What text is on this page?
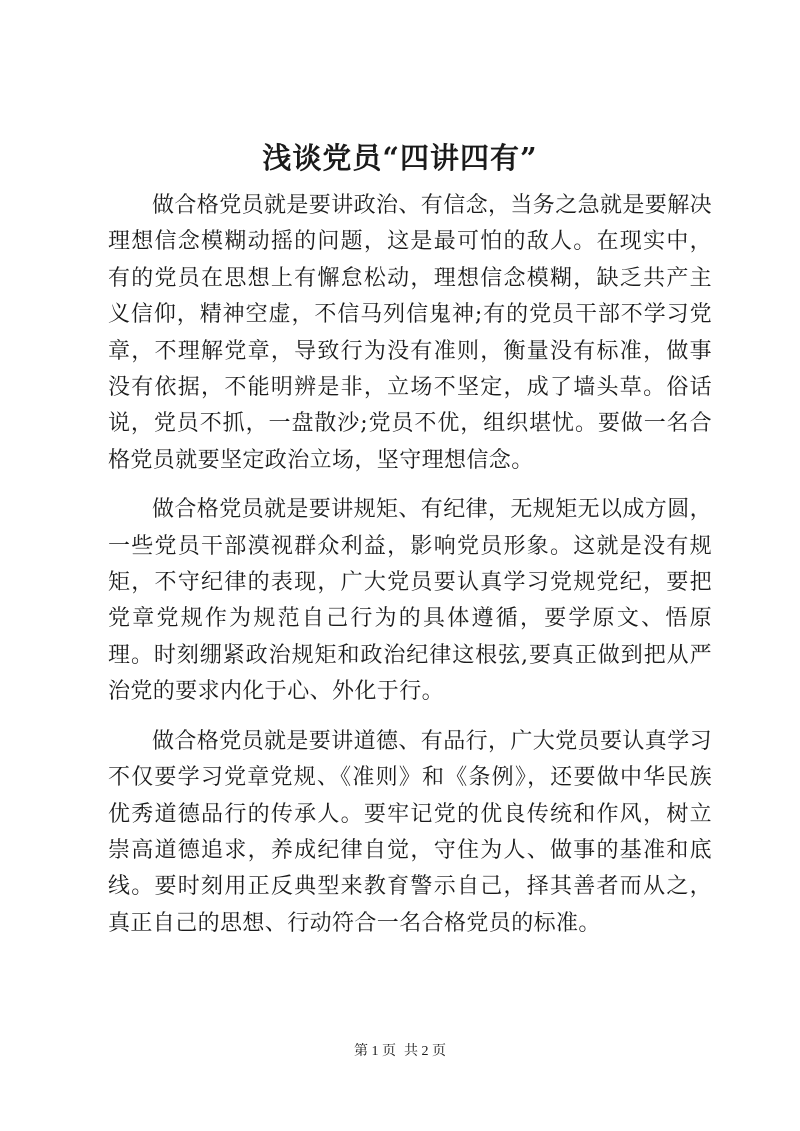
浅谈党员“四讲四有”

做合格党员就是要讲政治、有信念，当务之急就是要解决理想信念模糊动摇的问题，这是最可怕的敌人。在现实中，有的党员在思想上有懈怠松动，理想信念模糊，缺乏共产主义信仰，精神空虚，不信马列信鬼神;有的党员干部不学习党章，不理解党章，导致行为没有准则，衡量没有标准，做事没有依据，不能明辨是非，立场不坚定，成了墙头草。俗话说，党员不抓，一盘散沙;党员不优，组织堪忧。要做一名合格党员就要坚定政治立场，坚守理想信念。

做合格党员就是要讲规矩、有纪律，无规矩无以成方圆，一些党员干部漠视群众利益，影响党员形象。这就是没有规矩，不守纪律的表现，广大党员要认真学习党规党纪，要把党章党规作为规范自己行为的具体遵循，要学原文、悟原理。时刻绷紧政治规矩和政治纪律这根弦,要真正做到把从严治党的要求内化于心、外化于行。

做合格党员就是要讲道德、有品行，广大党员要认真学习不仅要学习党章党规、《准则》和《条例》，还要做中华民族优秀道德品行的传承人。要牢记党的优良传统和作风，树立崇高道德追求，养成纪律自觉，守住为人、做事的基准和底线。要时刻用正反典型来教育警示自己，择其善者而从之，真正自己的思想、行动符合一名合格党员的标准。

第 1 页 共 2 页
